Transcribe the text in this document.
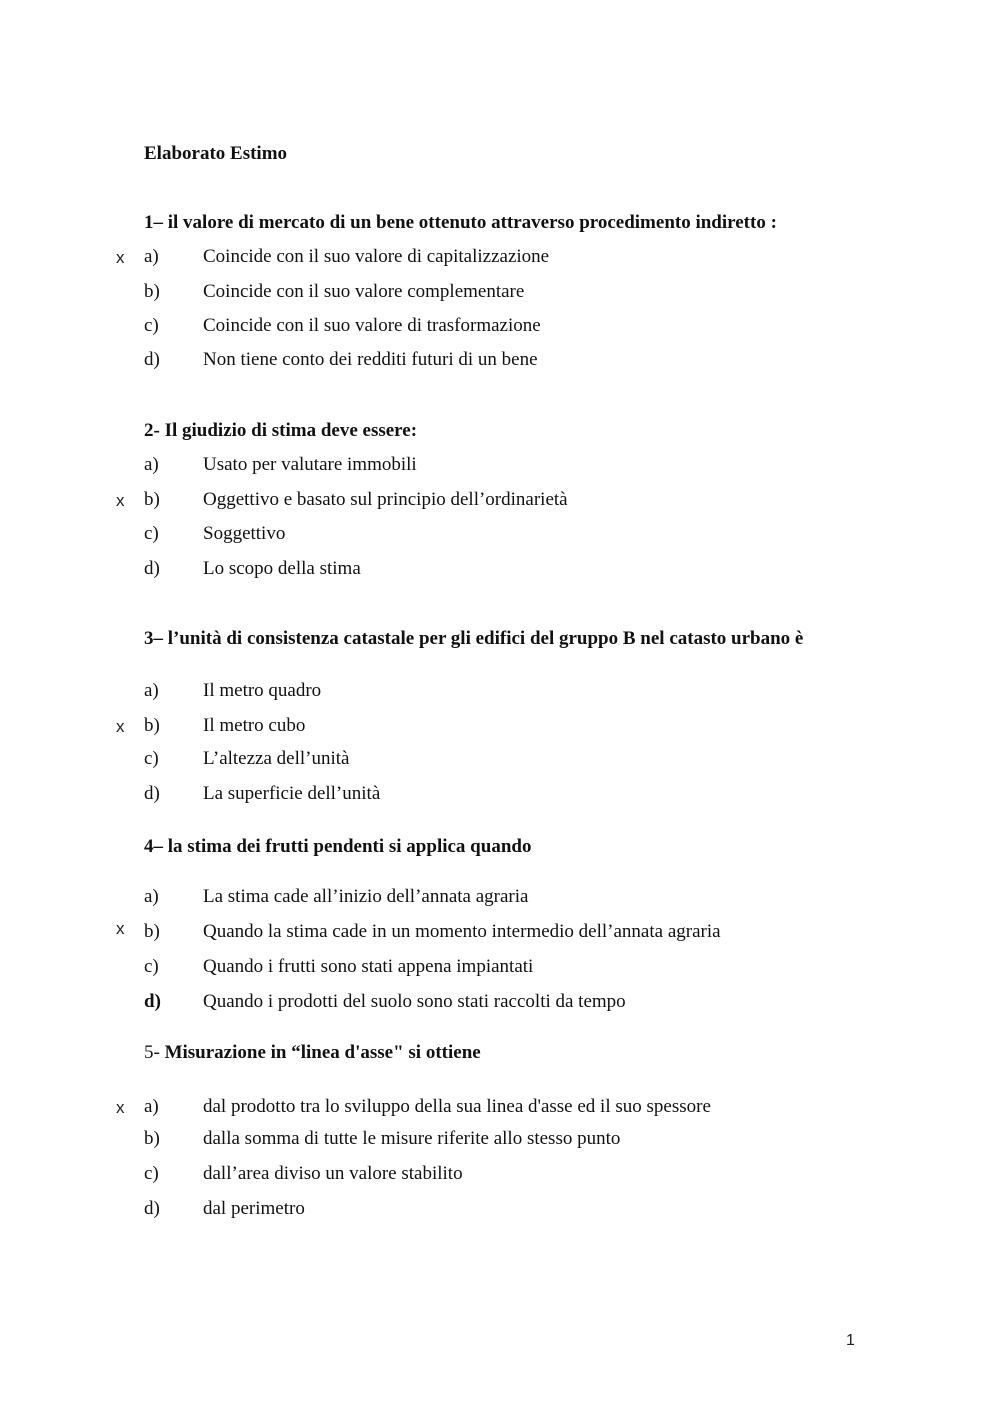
Elaborato Estimo
1– il valore di mercato di un bene ottenuto attraverso procedimento indiretto :
x a) Coincide con il suo valore di capitalizzazione
b) Coincide con il suo valore complementare
c) Coincide con il suo valore di trasformazione
d) Non tiene conto dei redditi futuri di un bene
2- Il giudizio di stima deve essere:
a) Usato per valutare immobili
x b) Oggettivo e basato sul principio dell’ordinarietà
c) Soggettivo
d) Lo scopo della stima
3– l’unità di consistenza catastale per gli edifici del gruppo B nel catasto urbano è
a) Il metro quadro
x b) Il metro cubo
c) L’altezza dell’unità
d) La superficie dell’unità
4– la stima dei frutti pendenti si applica quando
a) La stima cade all’inizio dell’annata agraria
x b) Quando la stima cade in un momento intermedio dell’annata agraria
c) Quando i frutti sono stati appena impiantati
d) Quando i prodotti del suolo sono stati raccolti da tempo
5- Misurazione in “linea d'asse" si ottiene
x a) dal prodotto tra lo sviluppo della sua linea d'asse ed il suo spessore
b) dalla somma di tutte le misure riferite allo stesso punto
c) dall’area diviso un valore stabilito
d) dal perimetro
1
